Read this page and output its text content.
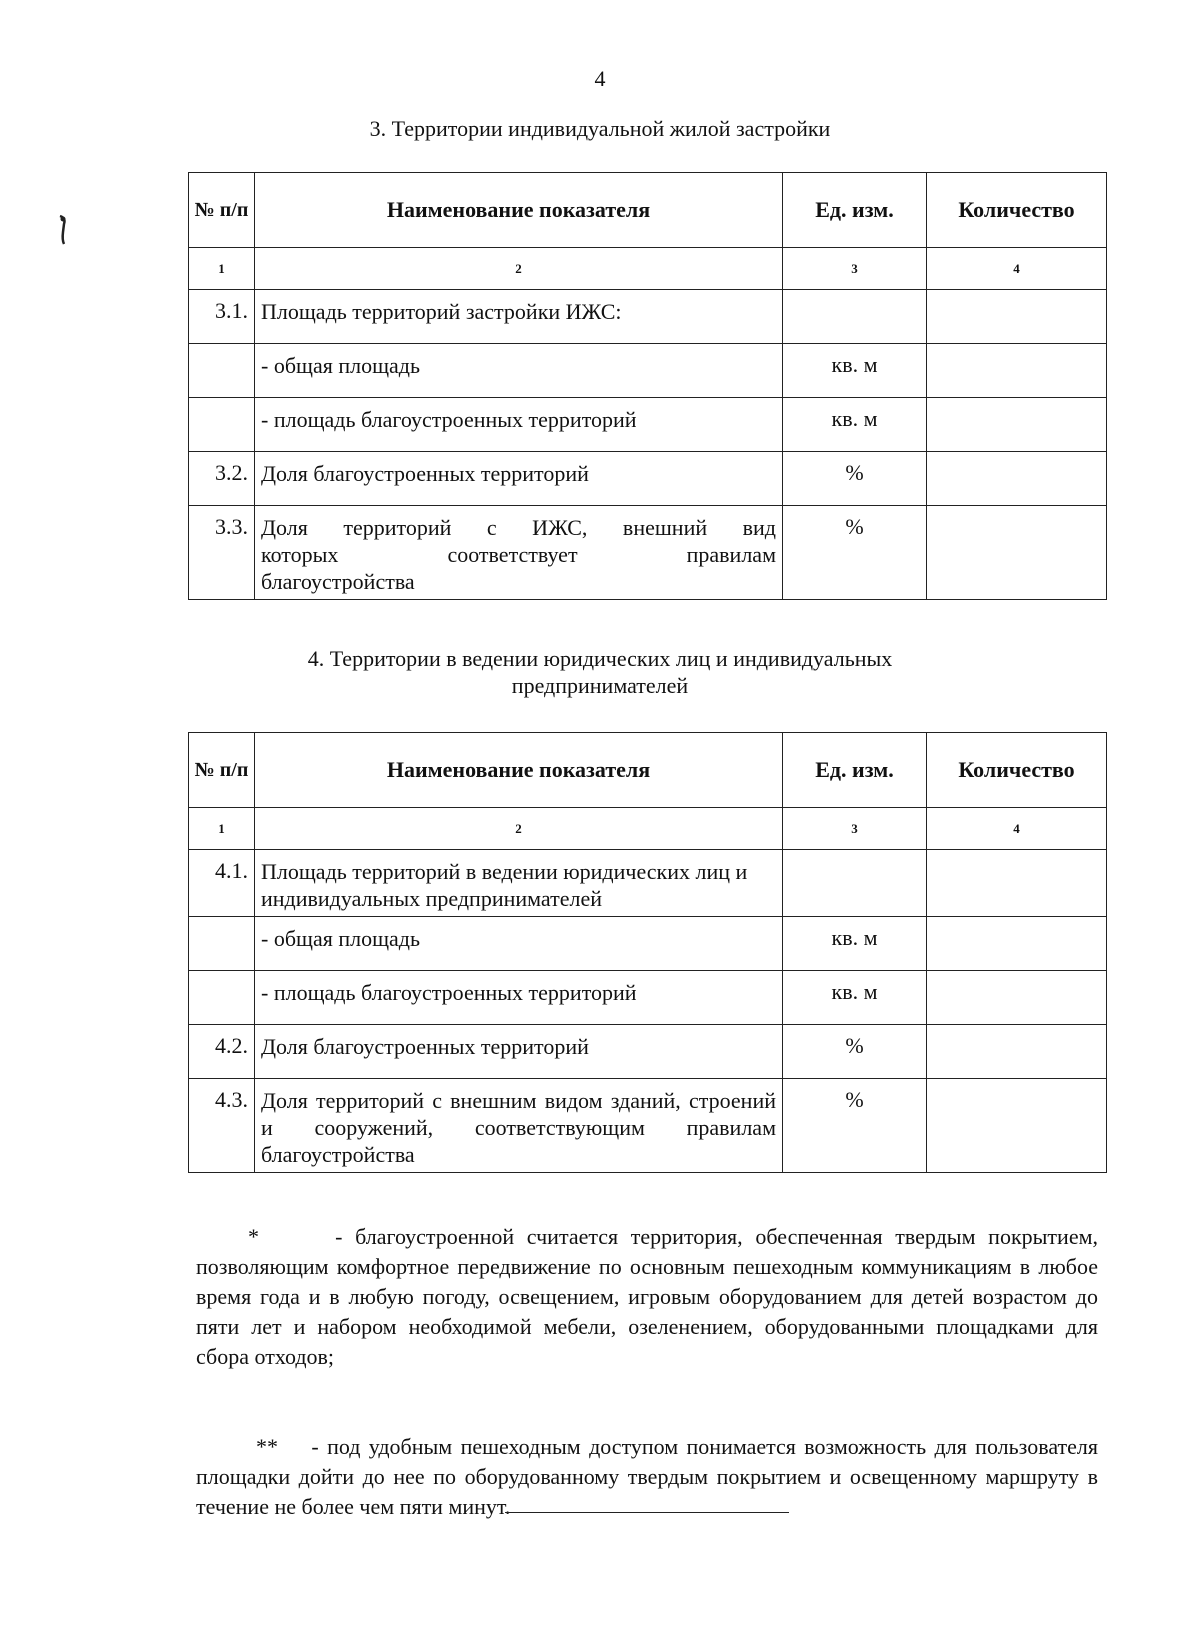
4
3. Территории индивидуальной жилой застройки
№ п/п	Наименование показателя	Ед. изм.	Количество
1	2	3	4
3.1.	Площадь территорий застройки ИЖС:		
	- общая площадь	кв. м	
	- площадь благоустроенных территорий	кв. м	
3.2.	Доля благоустроенных территорий	%	
3.3.	Доля территорий с ИЖС, внешний вид
которых соответствует правилам
благоустройства	%	
4. Территории в ведении юридических лиц и индивидуальных
предпринимателей
№ п/п	Наименование показателя	Ед. изм.	Количество
1	2	3	4
4.1.	Площадь территорий в ведении юридических лиц и индивидуальных предпринимателей		
	- общая площадь	кв. м	
	- площадь благоустроенных территорий	кв. м	
4.2.	Доля благоустроенных территорий	%	
4.3.	Доля территорий с внешним видом зданий, строений и сооружений, соответствующим правилам благоустройства	%	
*	- благоустроенной считается территория, обеспеченная твердым покрытием, позволяющим комфортное передвижение по основным пешеходным коммуникациям в любое время года и в любую погоду, освещением, игровым оборудованием для детей возрастом до пяти лет и набором необходимой мебели, озеленением, оборудованными площадками для сбора отходов;
** - под удобным пешеходным доступом понимается возможность для пользователя площадки дойти до нее по оборудованному твердым покрытием и освещенному маршруту в течение не более чем пяти минут.
